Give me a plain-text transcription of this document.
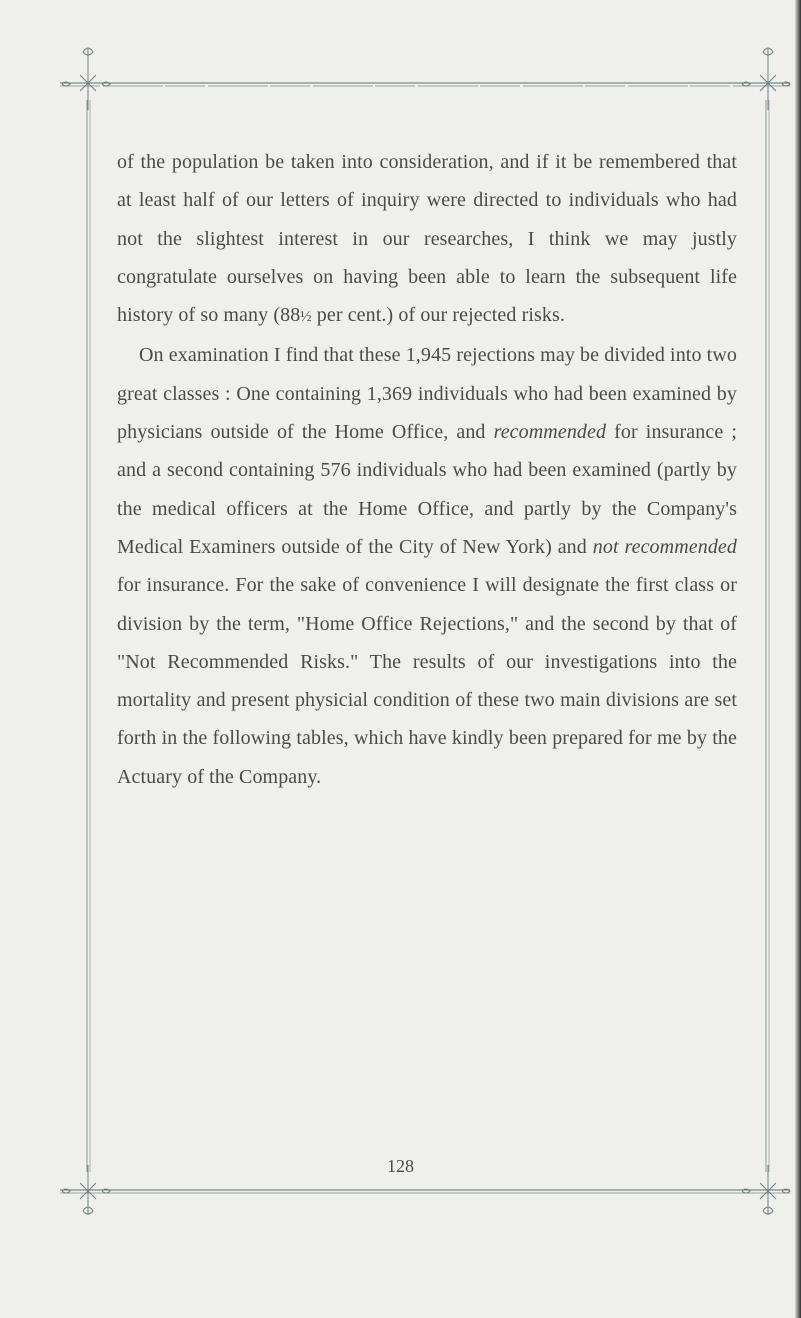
of the population be taken into consideration, and if it be remembered that at least half of our letters of inquiry were directed to individuals who had not the slightest interest in our researches, I think we may justly congratulate ourselves on having been able to learn the subsequent life history of so many (88½ per cent.) of our rejected risks.

On examination I find that these 1,945 rejections may be divided into two great classes : One containing 1,369 individuals who had been examined by physicians outside of the Home Office, and recommended for insurance ; and a second containing 576 individuals who had been examined (partly by the medical officers at the Home Office, and partly by the Company's Medical Examiners outside of the City of New York) and not recommended for insurance. For the sake of convenience I will designate the first class or division by the term, "Home Office Rejections," and the second by that of "Not Recommended Risks." The results of our investigations into the mortality and present physicial condition of these two main divisions are set forth in the following tables, which have kindly been prepared for me by the Actuary of the Company.

128
